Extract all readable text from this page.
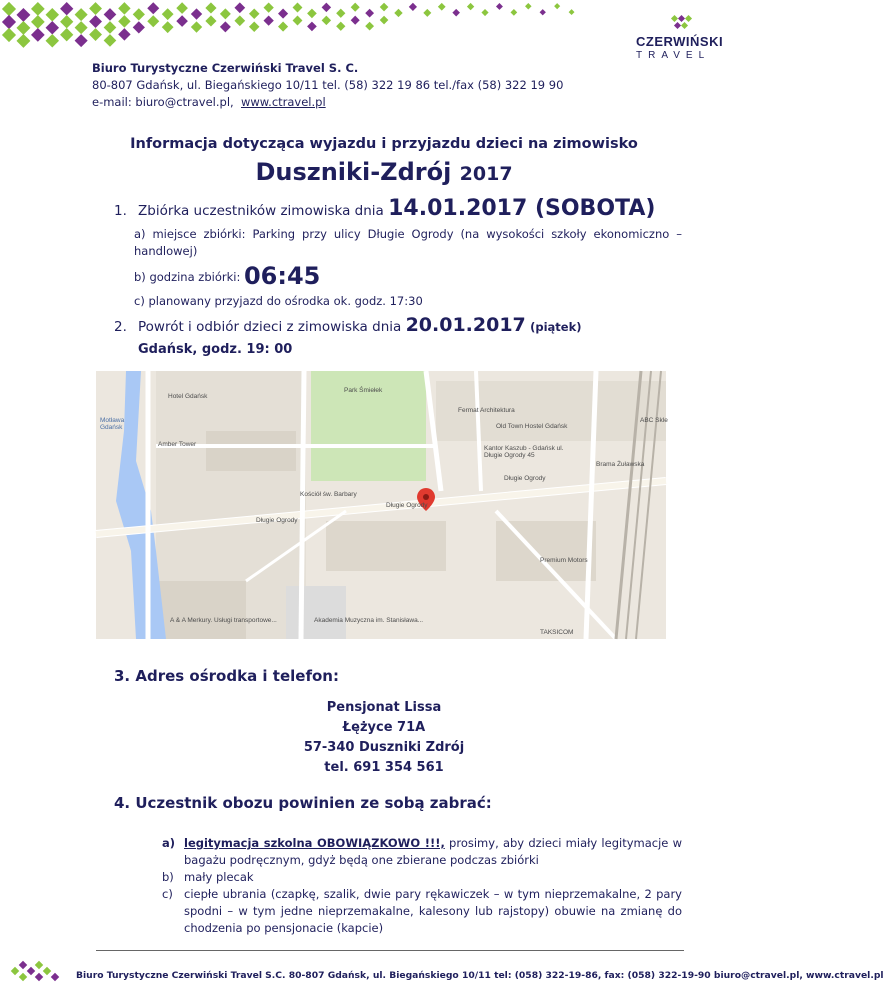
CZERWIŃSKI
TRAVEL
Biuro Turystyczne Czerwiński Travel S. C.
80-807 Gdańsk, ul. Biegańskiego 10/11 tel. (58) 322 19 86 tel./fax (58) 322 19 90
e-mail: biuro@ctravel.pl, www.ctravel.pl
Informacja dotycząca wyjazdu i przyjazdu dzieci na zimowisko
Duszniki-Zdrój 2017
1. Zbiórka uczestników zimowiska dnia 14.01.2017 (SOBOTA)
a) miejsce zbiórki: Parking przy ulicy Długie Ogrody (na wysokości szkoły ekonomiczno – handlowej)
b) godzina zbiórki: 06:45
c) planowany przyjazd do ośrodka ok. godz. 17:30
2. Powrót i odbiór dzieci z zimowiska dnia 20.01.2017 (piątek)
Gdańsk, godz. 19: 00
Park Śmiełek
Hotel Gdańsk
Motława Gdańsk
Amber Tower
Fermat Architektura
Old Town Hostel Gdańsk
ABC Skle
Kantor Kaszub - Gdańsk ul. Długie Ogrody 45
Brama Żuławska
Kościół św. Barbary
Długie Ogrody
Długie Ogrody
Długie Ogrody
Premium Motors
A & A Merkury. Usługi transportowe...	Akademia Muzyczna im. Stanisława...
TAKSICOM
3. Adres ośrodka i telefon:
Pensjonat Lissa
Łężyce 71A
57-340 Duszniki Zdrój
tel. 691 354 561
4. Uczestnik obozu powinien ze sobą zabrać:
a) legitymacja szkolna OBOWIĄZKOWO !!!, prosimy, aby dzieci miały legitymacje w bagażu podręcznym, gdyż będą one zbierane podczas zbiórki
b) mały plecak
c) ciepłe ubrania (czapkę, szalik, dwie pary rękawiczek – w tym nieprzemakalne, 2 pary spodni – w tym jedne nieprzemakalne, kalesony lub rajstopy) obuwie na zmianę do chodzenia po pensjonacie (kapcie)
Biuro Turystyczne Czerwiński Travel S.C. 80-807 Gdańsk, ul. Biegańskiego 10/11 tel: (058) 322-19-86, fax: (058) 322-19-90 biuro@ctravel.pl, www.ctravel.pl
